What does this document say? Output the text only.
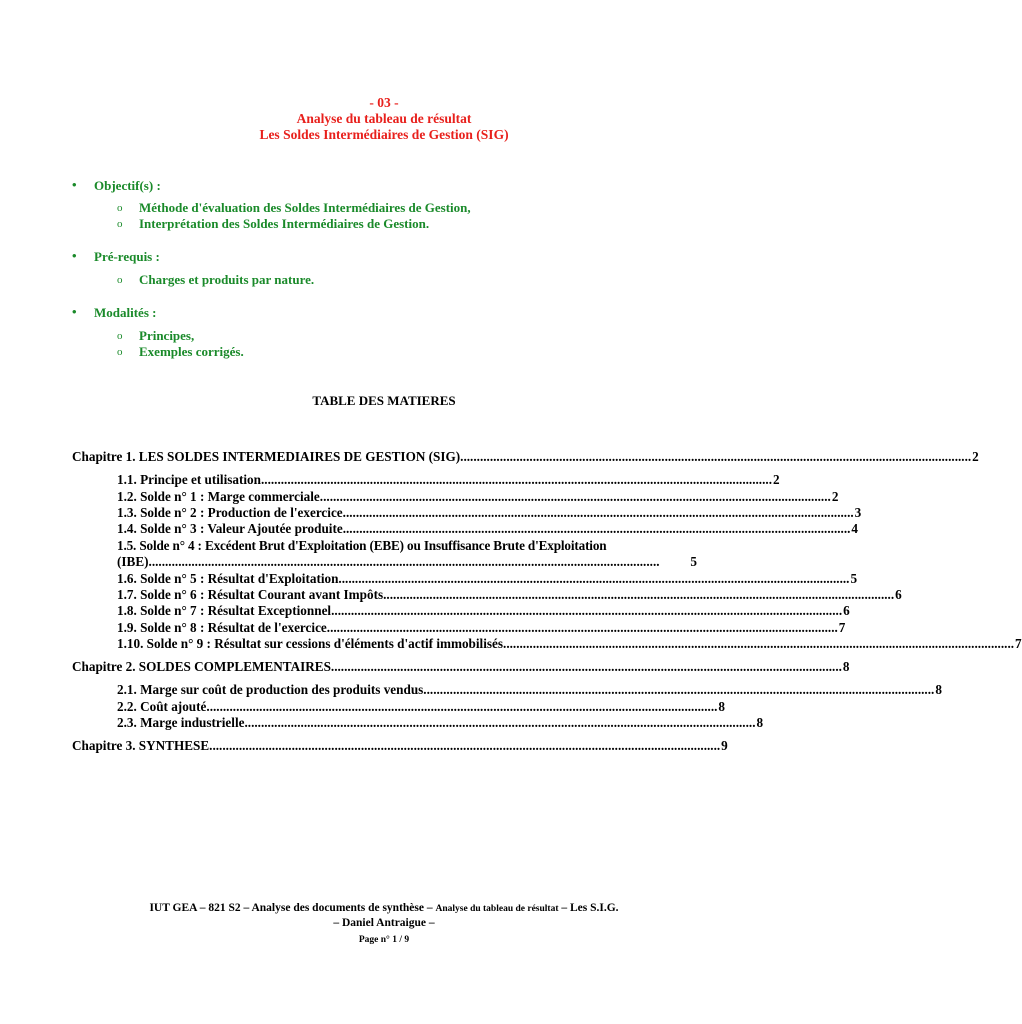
- 03 -
Analyse du tableau de résultat
Les Soldes Intermédiaires de Gestion (SIG)
• Objectif(s) :
o Méthode d'évaluation des Soldes Intermédiaires de Gestion,
o Interprétation des Soldes Intermédiaires de Gestion.
• Pré-requis :
o Charges et produits par nature.
• Modalités :
o Principes,
o Exemples corrigés.
TABLE DES MATIERES
Chapitre 1. LES SOLDES INTERMEDIAIRES DE GESTION (SIG). .......................................................................................................................................................... 2
1.1. Principe et utilisation. .......................................................................................................................................................... 2
1.2. Solde n° 1 : Marge commerciale. .......................................................................................................................................................... 2
1.3. Solde n° 2 : Production de l'exercice. .......................................................................................................................................................... 3
1.4. Solde n° 3 : Valeur Ajoutée produite .......................................................................................................................................................... 4
1.5. Solde n° 4 : Excédent Brut d'Exploitation (EBE) ou Insuffisance Brute d'Exploitation
(IBE). ..........................................................................................................................................................	5
1.6. Solde n° 5 : Résultat d'Exploitation. .......................................................................................................................................................... 5
1.7. Solde n° 6 : Résultat Courant avant Impôts. .......................................................................................................................................................... 6
1.8. Solde n° 7 : Résultat Exceptionnel. .......................................................................................................................................................... 6
1.9. Solde n° 8 : Résultat de l'exercice. .......................................................................................................................................................... 7
1.10. Solde n° 9 : Résultat sur cessions d'éléments d'actif immobilisés. .......................................................................................................................................................... 7
Chapitre 2. SOLDES COMPLEMENTAIRES. .......................................................................................................................................................... 8
2.1. Marge sur coût de production des produits vendus. .......................................................................................................................................................... 8
2.2. Coût ajouté. .......................................................................................................................................................... 8
2.3. Marge industrielle. .......................................................................................................................................................... 8
Chapitre 3. SYNTHESE. .......................................................................................................................................................... 9
IUT GEA – 821 S2 – Analyse des documents de synthèse – Analyse du tableau de résultat – Les S.I.G.
– Daniel Antraigue –
Page n° 1 / 9
